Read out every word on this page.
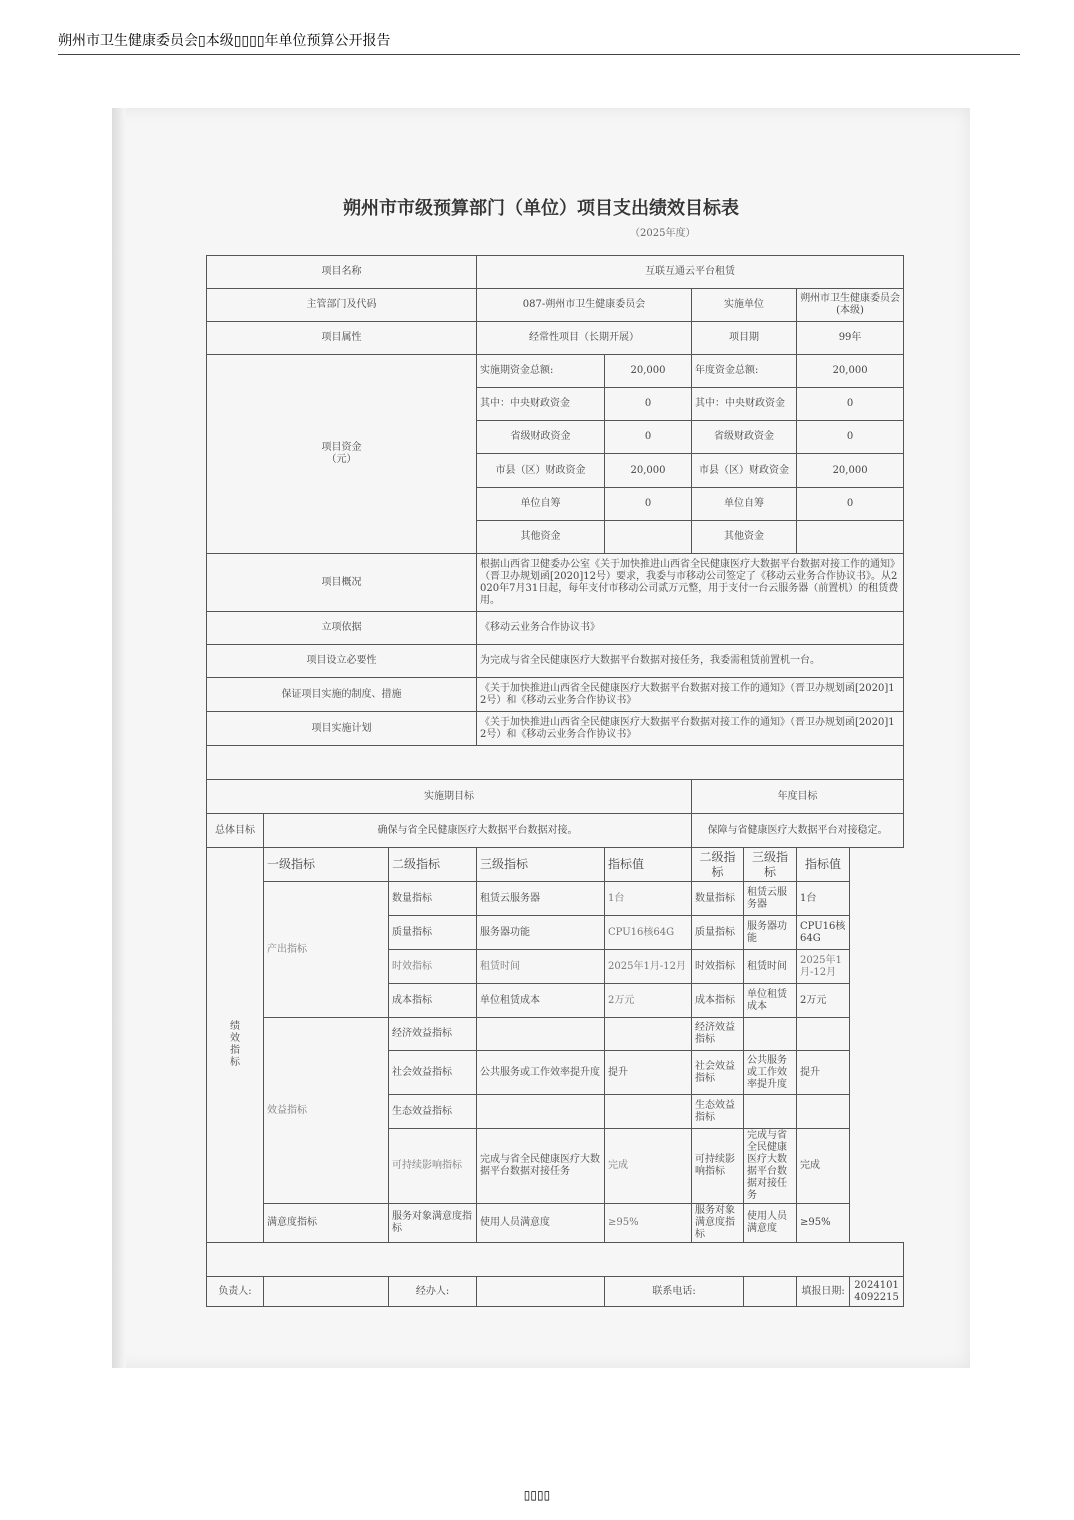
朔州市卫生健康委员会▯本级▯▯▯▯年单位预算公开报告
朔州市市级预算部门（单位）项目支出绩效目标表
（2025年度）
项目名称			互联互通云平台租赁					
主管部门及代码			087-朔州市卫生健康委员会		实施单位		朔州市卫生健康委员会(本级)	
项目属性			经常性项目（长期开展）		项目期		99年	

项目资金
（元）			实施期资金总额:	20,000	年度资金总额:		20,000	
			其中：中央财政资金	0	其中：中央财政资金		0	
			省级财政资金	0	省级财政资金		0	
			市县（区）财政资金	20,000	市县（区）财政资金		20,000	
			单位自筹	0	单位自筹		0	
			其他资金		其他资金			
项目概况			根据山西省卫健委办公室《关于加快推进山西省全民健康医疗大数据平台数据对接工作的通知》（晋卫办规划函[2020]12号）要求，我委与市移动公司签定了《移动云业务合作协议书》。从2020年7月31日起，每年支付市移动公司贰万元整，用于支付一台云服务器（前置机）的租赁费用。					
立项依据			《移动云业务合作协议书》					
项目设立必要性			为完成与省全民健康医疗大数据平台数据对接任务，我委需租赁前置机一台。					
保证项目实施的制度、措施			《关于加快推进山西省全民健康医疗大数据平台数据对接工作的通知》（晋卫办规划函[2020]12号）和《移动云业务合作协议书》					
项目实施计划			《关于加快推进山西省全民健康医疗大数据平台数据对接工作的通知》（晋卫办规划函[2020]12号）和《移动云业务合作协议书》					

实施期目标					年度目标			
总体目标	确保与省全民健康医疗大数据平台数据对接。				保障与省健康医疗大数据平台对接稳定。			

绩
效
指
标	一级指标	二级指标	三级指标	指标值	二级指标	三级指标	指标值	
	产出指标	数量指标	租赁云服务器	1台	数量指标	租赁云服务器	1台	
		质量指标	服务器功能	CPU16核64G	质量指标	服务器功能	CPU16核64G	
		时效指标	租赁时间	2025年1月-12月	时效指标	租赁时间	2025年1月-12月	
		成本指标	单位租赁成本	2万元	成本指标	单位租赁成本	2万元	
	效益指标	经济效益指标			经济效益指标			
		社会效益指标	公共服务或工作效率提升度	提升	社会效益指标	公共服务或工作效率提升度	提升	
		生态效益指标			生态效益指标			
		可持续影响指标	完成与省全民健康医疗大数据平台数据对接任务	完成	可持续影响指标	完成与省全民健康医疗大数据平台数据对接任务	完成	
	满意度指标	服务对象满意度指标	使用人员满意度	≥95%	服务对象满意度指标	使用人员满意度	≥95%	

负责人:		经办人:		联系电话:			填报日期:	20241014092215
▯▯▯▯
